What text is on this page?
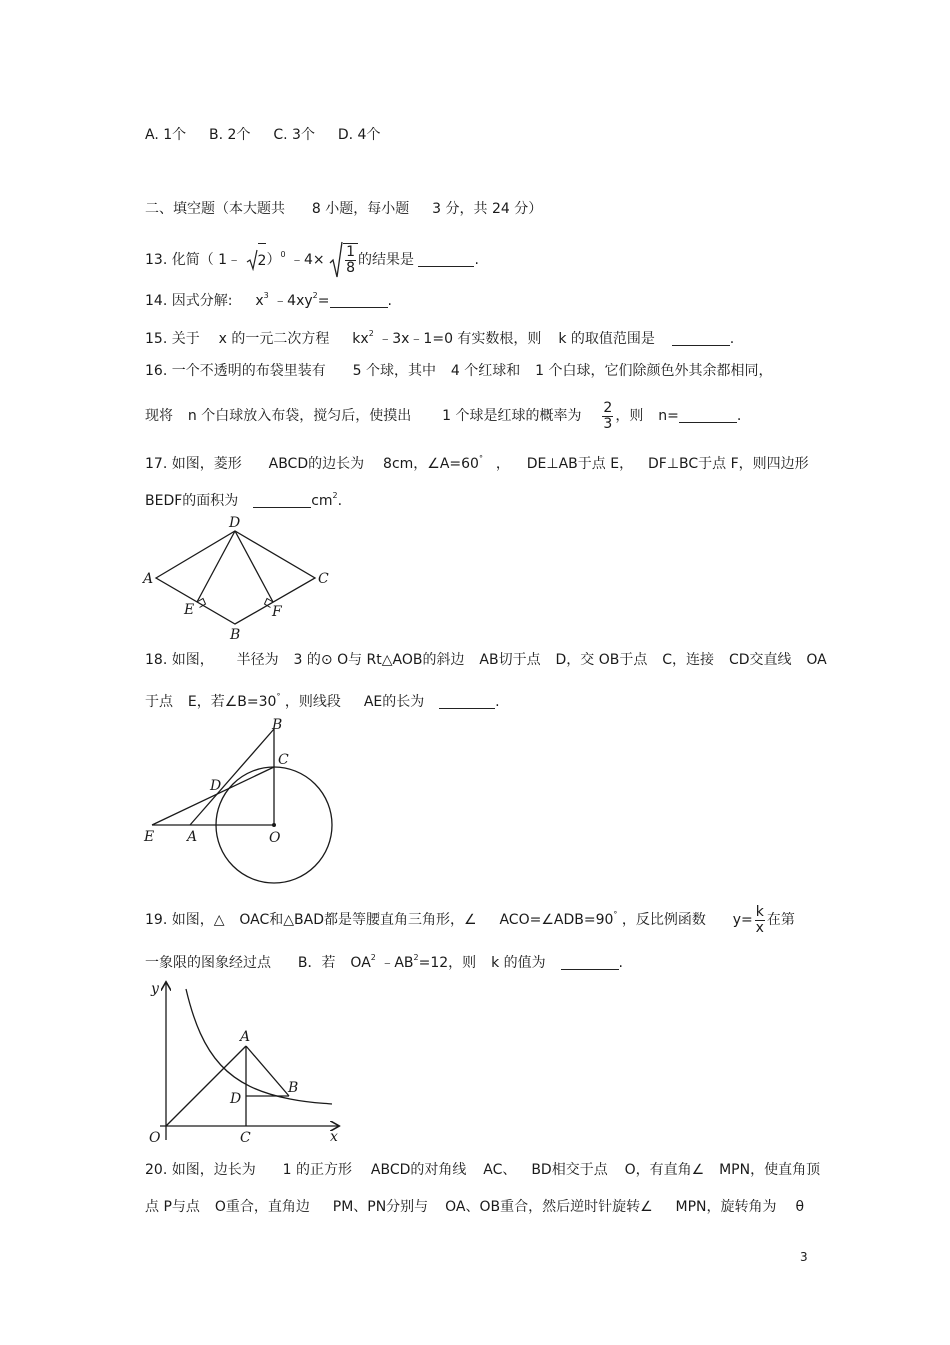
A. 1个 B. 2个 C. 3个 D. 4个
二、填空题（本大题共 8 小题，每小题 3 分，共 24 分）
13. 化简（ 1﹣ 2 ）$^0$ ﹣4× $\frac{1}{8}$ 的结果是	.
14. 因式分解: $x^3$ $﹣4xy^2=$	.
15. 关于 x 的一元二次方程 $kx^2$ ﹣3x﹣1=0 有实数根，则 k 的取值范围是	.
16. 一个不透明的布袋里装有 5 个球，其中 4 个红球和 1 个白球，它们除颜色外其余都相同，
现将 n 个白球放入布袋，搅匀后，使摸出 1 个球是红球的概率为 $\frac{2}{3}$ ，则 n=	.
17. 如图，菱形 ABCD的边长为 8cm，∠A=60° ， DE⊥AB于点 E， DF⊥BC于点 F，则四边形
BEDF的面积为	$cm^2$.
A
B
C
D
E	F
18. 如图， 半径为 3 的⊙ O与 Rt△AOB的斜边 AB切于点 D，交 OB于点 C，连接 CD交直线 OA
于点 E，若∠B=30° ，则线段 AE的长为	.
B
C
D
E A	O
19. 如图，△ OAC和△BAD都是等腰直角三角形，∠ ACO=∠ADB=90° ，反比例函数 $y= \frac{k}{x}$ 在第
一象限的图象经过点 B．若 $OA^2$ $﹣AB^2=12$，则 k 的值为	.
y
x
O
A
B
C
D
20. 如图，边长为 1 的正方形 ABCD的对角线 AC、 BD相交于点 O，有直角∠ MPN，使直角顶
点 P与点 O重合，直角边 PM、PN分别与 OA、OB重合，然后逆时针旋转∠ MPN，旋转角为 θ
3
